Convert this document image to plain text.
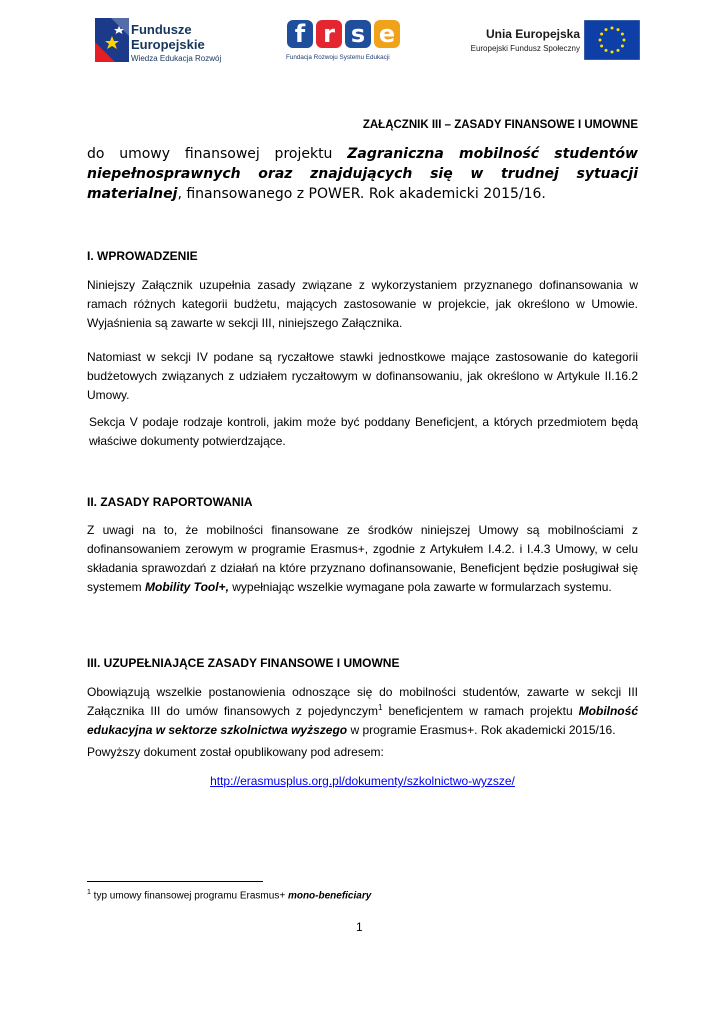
Fundusze
Europejskie
Wiedza Edukacja Rozwój
f r s e
Fundacja Rozwoju Systemu Edukacji
Unia Europejska
Europejski Fundusz Społeczny
ZAŁĄCZNIK III – ZASADY FINANSOWE I UMOWNE
do umowy finansowej projektu Zagraniczna mobilność studentów niepełnosprawnych oraz znajdujących się w trudnej sytuacji materialnej, finansowanego z POWER. Rok akademicki 2015/16.
I. WPROWADZENIE
Niniejszy Załącznik uzupełnia zasady związane z wykorzystaniem przyznanego dofinansowania w ramach różnych kategorii budżetu, mających zastosowanie w projekcie, jak określono w Umowie. Wyjaśnienia są zawarte w sekcji III, niniejszego Załącznika.
Natomiast w sekcji IV podane są ryczałtowe stawki jednostkowe mające zastosowanie do kategorii budżetowych związanych z udziałem ryczałtowym w dofinansowaniu, jak określono w Artykule II.16.2 Umowy.
Sekcja V podaje rodzaje kontroli, jakim może być poddany Beneficjent, a których przedmiotem będą właściwe dokumenty potwierdzające.
II. ZASADY RAPORTOWANIA
Z uwagi na to, że mobilności finansowane ze środków niniejszej Umowy są mobilnościami z dofinansowaniem zerowym w programie Erasmus+, zgodnie z Artykułem I.4.2. i I.4.3 Umowy, w celu składania sprawozdań z działań na które przyznano dofinansowanie, Beneficjent będzie posługiwał się systemem Mobility Tool+, wypełniając wszelkie wymagane pola zawarte w formularzach systemu.
III. UZUPEŁNIAJĄCE ZASADY FINANSOWE I UMOWNE
Obowiązują wszelkie postanowienia odnoszące się do mobilności studentów, zawarte w sekcji III Załącznika III do umów finansowych z pojedynczym$^1$ beneficjentem w ramach projektu Mobilność edukacyjna w sektorze szkolnictwa wyższego w programie Erasmus+. Rok akademicki 2015/16.
Powyższy dokument został opublikowany pod adresem:
http://erasmusplus.org.pl/dokumenty/szkolnictwo-wyzsze/
$^1$ typ umowy finansowej programu Erasmus+ mono-beneficiary
1
